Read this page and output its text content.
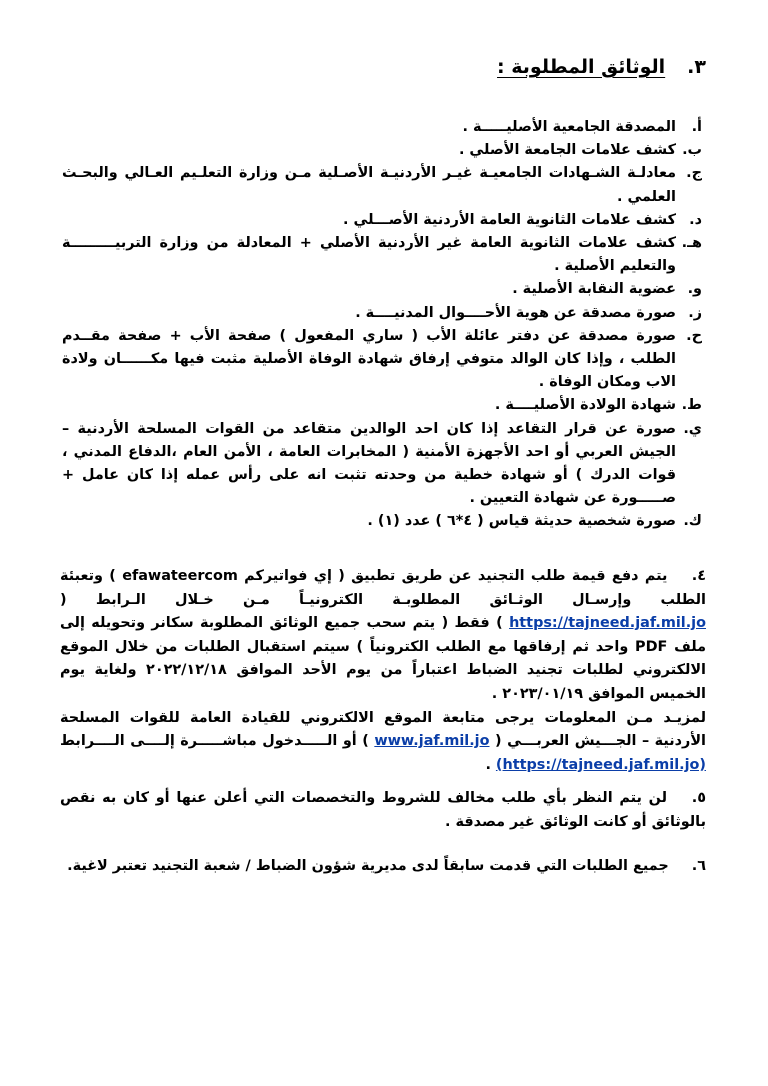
٣.
الوثائق المطلوبة :
أ.
المصدقة الجامعية الأصليـــــة .
ب.
كشف علامات الجامعة الأصلي .
ج.
معادلـة الشـهادات الجامعيـة غيـر الأردنيـة الأصـلية مـن وزارة التعلـيم العـالي والبحـث العلمي .
د.
كشف علامات الثانوية العامة الأردنية الأصـــلي .
هـ.
كشف علامات الثانوية العامة غير الأردنية الأصلي + المعادلة من وزارة التربيـــــــــة والتعليم الأصلية .
و.
عضوية النقابة الأصلية .
ز.
صورة مصدقة عن هوية الأحــــوال المدنيــــة .
ح.
صورة مصدقة عن دفتر عائلة الأب ( ساري المفعول ) صفحة الأب + صفحة مقــدم الطلب ، وإذا كان الوالد متوفي إرفاق شهادة الوفاة الأصلية مثبت فيها مكــــــان ولادة الاب ومكان الوفاة .
ط.
شهادة الولادة الأصليــــة .
ي.
صورة عن قرار التقاعد إذا كان احد الوالدين متقاعد من القوات المسلحة الأردنية – الجيش العربي أو احد الأجهزة الأمنية ( المخابرات العامة ، الأمن العام ،الدفاع المدني ، قوات الدرك ) أو شهادة خطية من وحدته تثبت انه على رأس عمله إذا كان عامل + صـــــورة عن شهادة التعيين .
ك.
صورة شخصية حديثة قياس ( ٤*٦ ) عدد (١) .
٤. يتم دفع قيمة طلب التجنيد عن طريق تطبيق ( إي فواتيركم efawateercom ) وتعبئة الطلب وإرسـال الوثـائق المطلوبـة الكترونيـاً مـن خـلال الـرابط ( https://tajneed.jaf.mil.jo ) فقط ( يتم سحب جميع الوثائق المطلوبة سكانر وتحويله إلى ملف PDF واحد ثم إرفاقها مع الطلب الكترونياً ) سيتم استقبال الطلبات من خلال الموقع الالكتروني لطلبات تجنيد الضباط اعتباراً من يوم الأحد الموافق ٢٠٢٢/١٢/١٨ ولغاية يوم الخميس الموافق ٢٠٢٣/٠١/١٩ .
لمزيـد مـن المعلومات يرجى متابعة الموقع الالكتروني للقيادة العامة للقوات المسلحة الأردنية – الجـــيش العربـــي ( www.jaf.mil.jo ) أو الـــــدخول مباشـــــرة إلــــى الــــرابط (https://tajneed.jaf.mil.jo) .
٥. لن يتم النظر بأي طلب مخالف للشروط والتخصصات التي أعلن عنها أو كان به نقص بالوثائق أو كانت الوثائق غير مصدقة .
٦. جميع الطلبات التي قدمت سابقاً لدى مديرية شؤون الضباط / شعبة التجنيد تعتبر لاغية.
